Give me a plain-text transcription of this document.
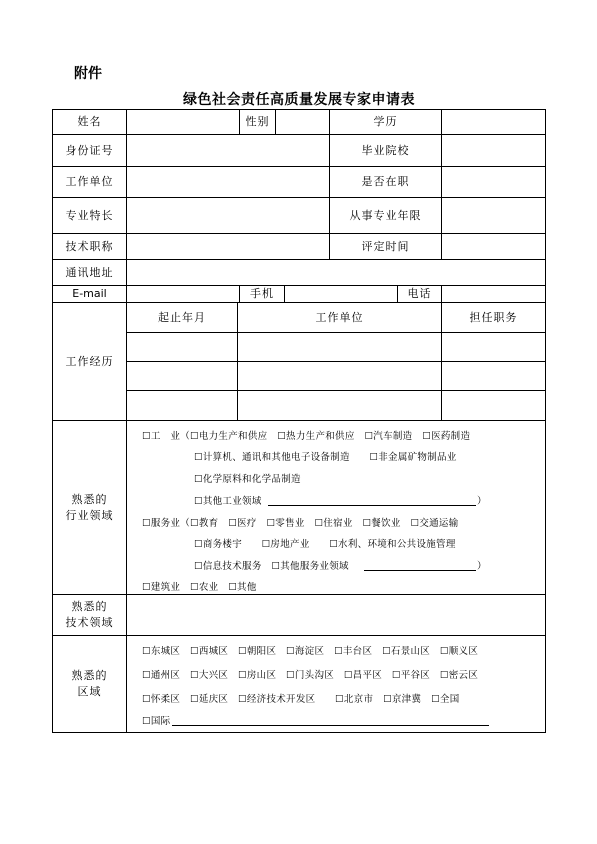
附件
绿色社会责任高质量发展专家申请表
姓名	性别	学历
身份证号	毕业院校
工作单位	是否在职
专业特长	从事专业年限
技术职称	评定时间
通讯地址
E-mail	手机	电话
工作经历
起止年月	工作单位	担任职务
熟悉的
行业领域
☐工　业（☐电力生产和供应　☐热力生产和供应　☐汽车制造　☐医药制造
☐计算机、通讯和其他电子设备制造　　☐非金属矿物制品业
☐化学原料和化学品制造
☐其他工业领域	）
☐服务业（☐教育　☐医疗　☐零售业　☐住宿业　☐餐饮业　☐交通运输
☐商务楼宇　　☐房地产业　　☐水利、环境和公共设施管理
☐信息技术服务　☐其他服务业领域	）
☐建筑业　☐农业　☐其他
熟悉的
技术领域
熟悉的
区域
☐东城区　☐西城区　☐朝阳区　☐海淀区　☐丰台区　☐石景山区　☐顺义区
☐通州区　☐大兴区　☐房山区　☐门头沟区　☐昌平区　☐平谷区　☐密云区
☐怀柔区　☐延庆区　☐经济技术开发区　　☐北京市　☐京津冀　☐全国
☐国际
